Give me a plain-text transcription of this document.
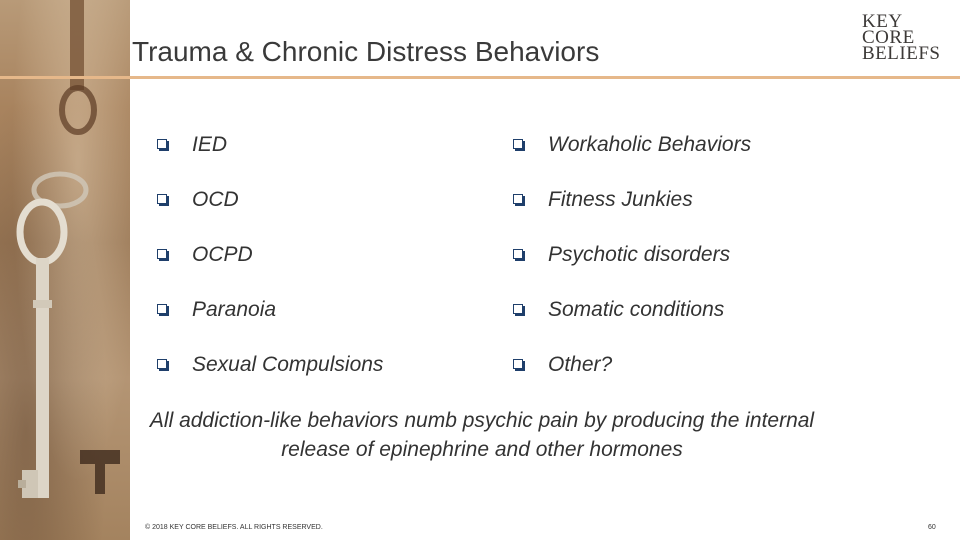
Trauma & Chronic Distress Behaviors
KEY
CORE
BELIEFS
IED
OCD
OCPD
Paranoia
Sexual Compulsions
Workaholic Behaviors
Fitness Junkies
Psychotic disorders
Somatic conditions
Other?
All addiction-like behaviors numb psychic pain by producing the internal
release of epinephrine and other hormones
© 2018 KEY CORE BELIEFS. ALL RIGHTS RESERVED.	60
